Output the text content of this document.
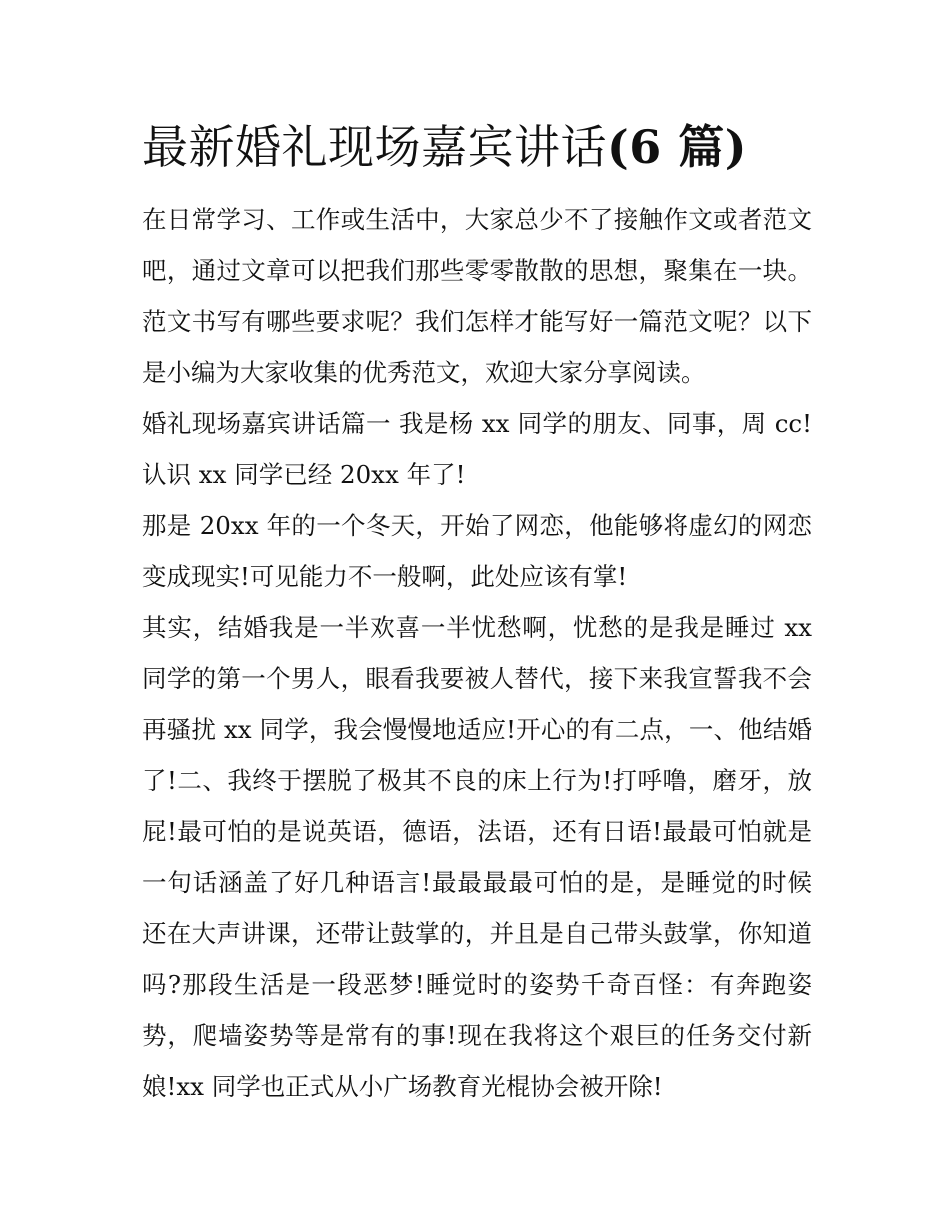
最新婚礼现场嘉宾讲话(6 篇)

在日常学习、工作或生活中，大家总少不了接触作文或者范文吧，通过文章可以把我们那些零零散散的思想，聚集在一块。范文书写有哪些要求呢？我们怎样才能写好一篇范文呢？以下是小编为大家收集的优秀范文，欢迎大家分享阅读。

婚礼现场嘉宾讲话篇一 我是杨 xx 同学的朋友、同事，周 cc!认识 xx 同学已经 20xx 年了!

那是 20xx 年的一个冬天，开始了网恋，他能够将虚幻的网恋变成现实!可见能力不一般啊，此处应该有掌!

其实，结婚我是一半欢喜一半忧愁啊，忧愁的是我是睡过 xx 同学的第一个男人，眼看我要被人替代，接下来我宣誓我不会再骚扰 xx 同学，我会慢慢地适应!开心的有二点，一、他结婚了!二、我终于摆脱了极其不良的床上行为!打呼噜，磨牙，放屁!最可怕的是说英语，德语，法语，还有日语!最最可怕就是一句话涵盖了好几种语言!最最最最可怕的是，是睡觉的时候还在大声讲课，还带让鼓掌的，并且是自己带头鼓掌，你知道吗?那段生活是一段恶梦!睡觉时的姿势千奇百怪：有奔跑姿势，爬墙姿势等是常有的事!现在我将这个艰巨的任务交付新娘!xx 同学也正式从小广场教育光棍协会被开除!
